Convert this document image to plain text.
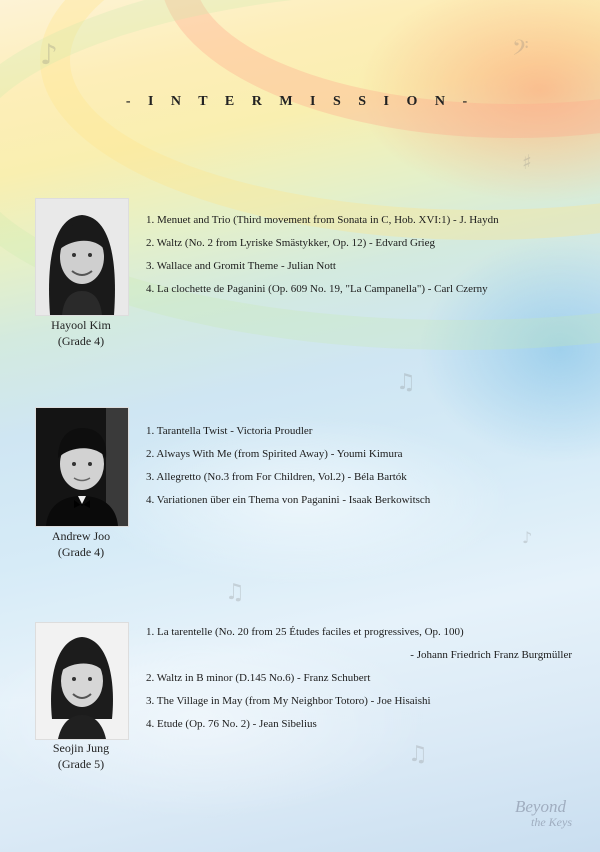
♪	𝄢
♯
♫
♫
♪
♫
- I N T E R M I S S I O N -
Hayool Kim
(Grade 4)
1. Menuet and Trio (Third movement from Sonata in C, Hob. XVI:1) - J. Haydn
2. Waltz (No. 2 from Lyriske Smästykker, Op. 12) - Edvard Grieg
3. Wallace and Gromit Theme - Julian Nott
4. La clochette de Paganini (Op. 609 No. 19, "La Campanella") - Carl Czerny
Andrew Joo
(Grade 4)
1. Tarantella Twist - Victoria Proudler
2. Always With Me (from Spirited Away) - Youmi Kimura
3. Allegretto (No.3 from For Children, Vol.2) - Béla Bartók
4. Variationen über ein Thema von Paganini - Isaak Berkowitsch
Seojin Jung
(Grade 5)
1. La tarentelle (No. 20 from 25 Études faciles et progressives, Op. 100)
- Johann Friedrich Franz Burgmüller
2. Waltz in B minor (D.145 No.6) - Franz Schubert
3. The Village in May (from My Neighbor Totoro) - Joe Hisaishi
4. Etude (Op. 76 No. 2) - Jean Sibelius
Beyond
the Keys
